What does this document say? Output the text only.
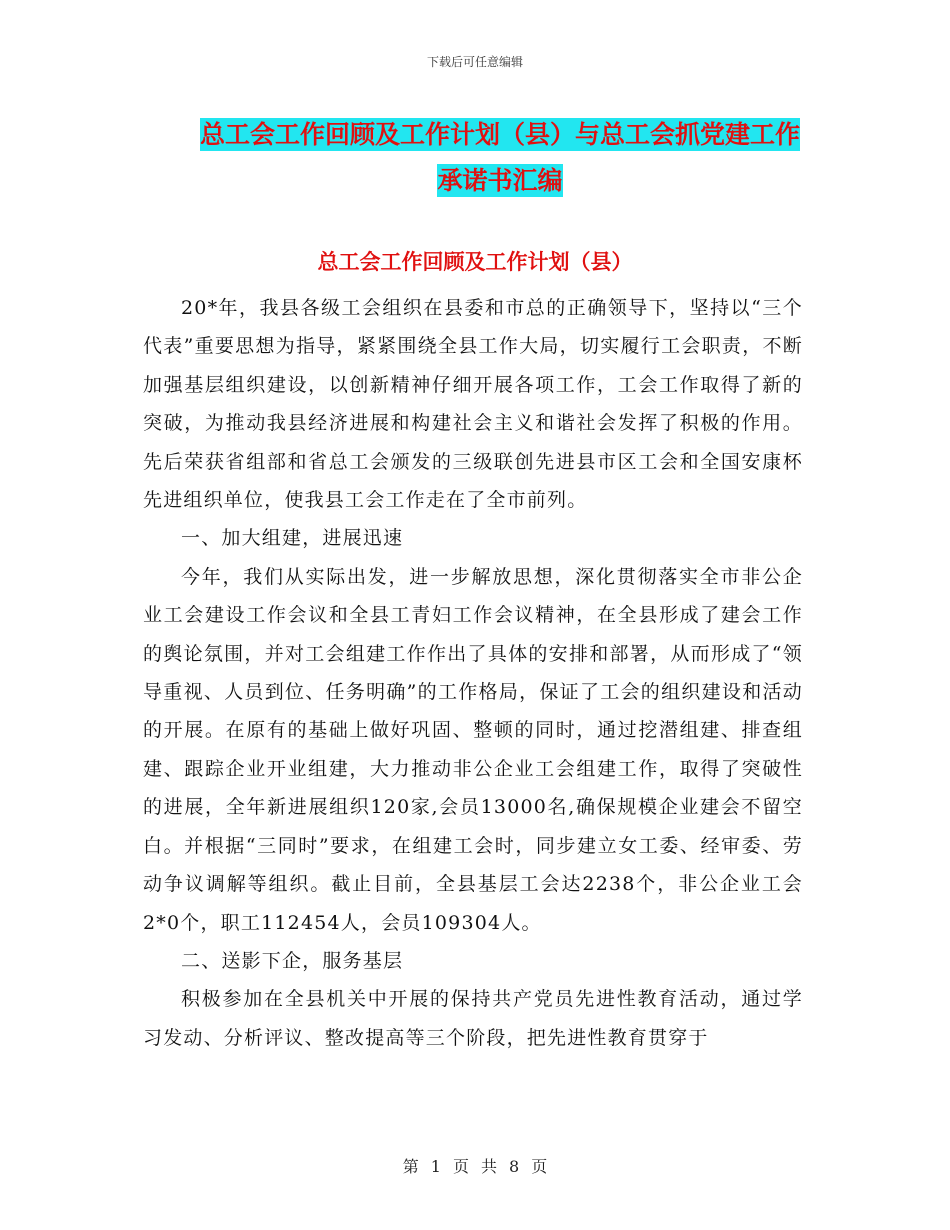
下载后可任意编辑
总工会工作回顾及工作计划（县）与总工会抓党建工作承诺书汇编
总工会工作回顾及工作计划（县）

20*年，我县各级工会组织在县委和市总的正确领导下，坚持以“三个代表”重要思想为指导，紧紧围绕全县工作大局，切实履行工会职责，不断加强基层组织建设，以创新精神仔细开展各项工作，工会工作取得了新的突破，为推动我县经济进展和构建社会主义和谐社会发挥了积极的作用。先后荣获省组部和省总工会颁发的三级联创先进县市区工会和全国安康杯先进组织单位，使我县工会工作走在了全市前列。

一、加大组建，进展迅速

今年，我们从实际出发，进一步解放思想，深化贯彻落实全市非公企业工会建设工作会议和全县工青妇工作会议精神，在全县形成了建会工作的舆论氛围，并对工会组建工作作出了具体的安排和部署，从而形成了“领导重视、人员到位、任务明确”的工作格局，保证了工会的组织建设和活动的开展。在原有的基础上做好巩固、整顿的同时，通过挖潜组建、排查组建、跟踪企业开业组建，大力推动非公企业工会组建工作，取得了突破性的进展，全年新进展组织120家,会员13000名,确保规模企业建会不留空白。并根据“三同时”要求，在组建工会时，同步建立女工委、经审委、劳动争议调解等组织。截止目前，全县基层工会达2238个，非公企业工会2*0个，职工112454人，会员109304人。

二、送影下企，服务基层

积极参加在全县机关中开展的保持共产党员先进性教育活动，通过学习发动、分析评议、整改提高等三个阶段，把先进性教育贯穿于

第 1 页 共 8 页
